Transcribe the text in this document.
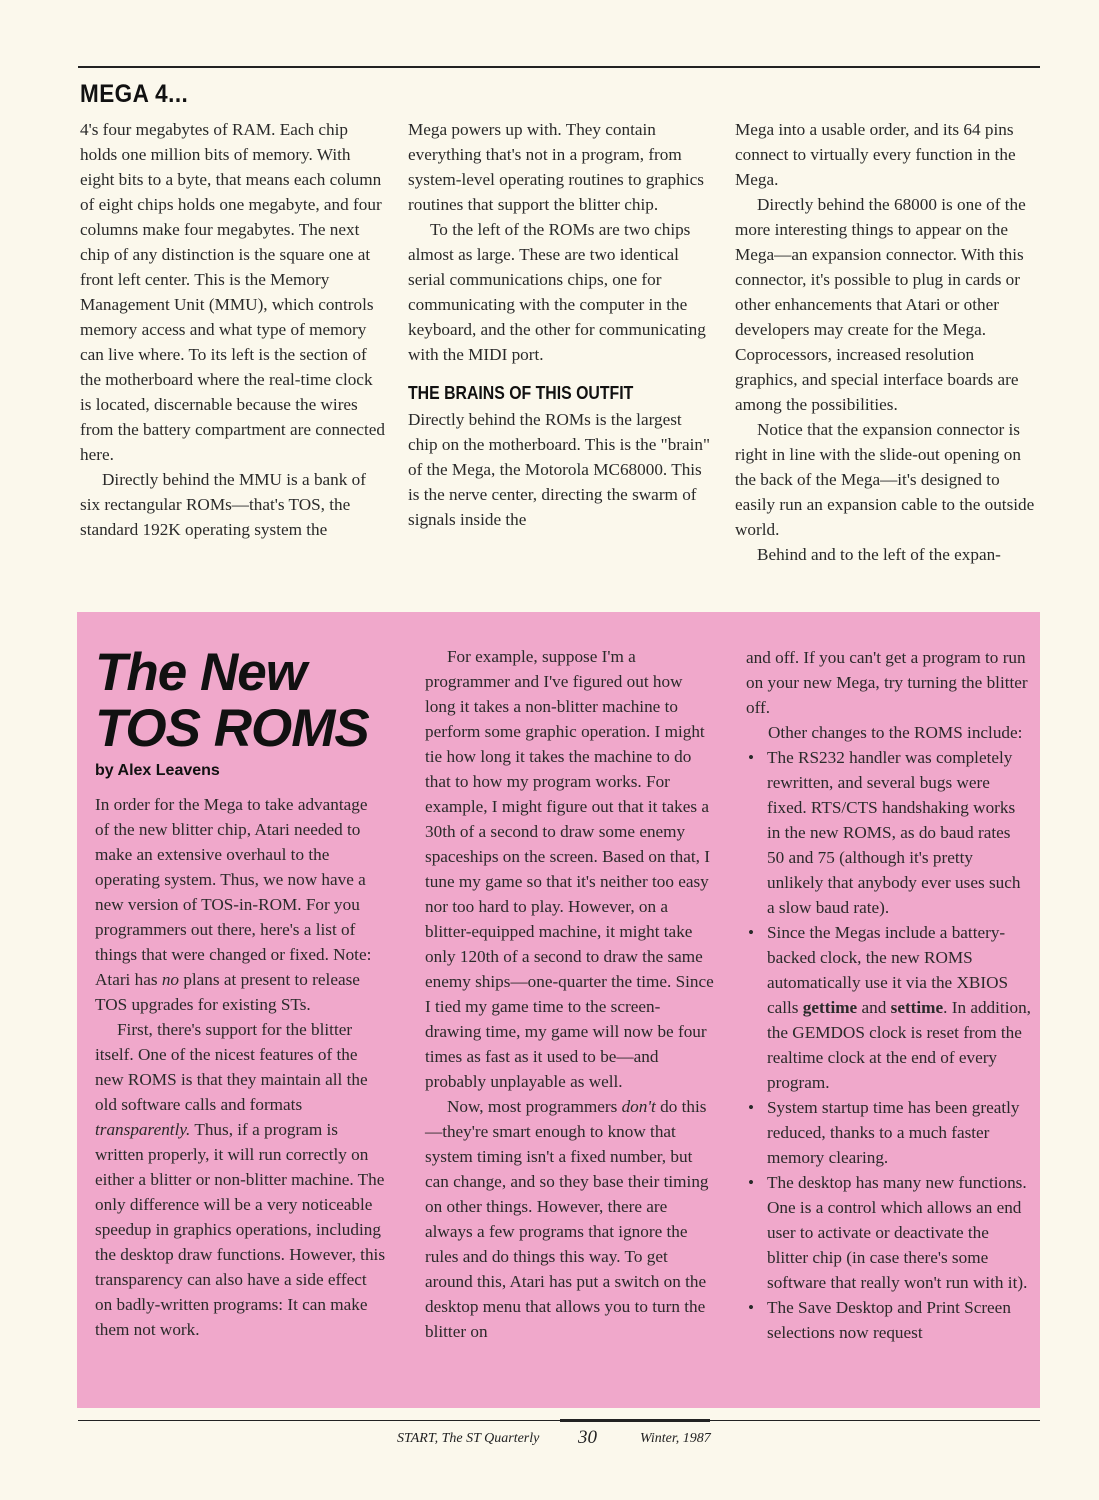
MEGA 4...

4's four megabytes of RAM. Each chip holds one million bits of memory. With eight bits to a byte, that means each column of eight chips holds one megabyte, and four columns make four megabytes. The next chip of any distinction is the square one at front left center. This is the Memory Management Unit (MMU), which controls memory access and what type of memory can live where. To its left is the section of the motherboard where the real-time clock is located, discernable because the wires from the battery compartment are connected here.

Directly behind the MMU is a bank of six rectangular ROMs—that's TOS, the standard 192K operating system the

Mega powers up with. They contain everything that's not in a program, from system-level operating routines to graphics routines that support the blitter chip.

To the left of the ROMs are two chips almost as large. These are two identical serial communications chips, one for communicating with the computer in the keyboard, and the other for communicating with the MIDI port.

THE BRAINS OF THIS OUTFIT

Directly behind the ROMs is the largest chip on the motherboard. This is the "brain" of the Mega, the Motorola MC68000. This is the nerve center, directing the swarm of signals inside the

Mega into a usable order, and its 64 pins connect to virtually every function in the Mega.

Directly behind the 68000 is one of the more interesting things to appear on the Mega—an expansion connector. With this connector, it's possible to plug in cards or other enhancements that Atari or other developers may create for the Mega. Coprocessors, increased resolution graphics, and special interface boards are among the possibilities.

Notice that the expansion connector is right in line with the slide-out opening on the back of the Mega—it's designed to easily run an expansion cable to the outside world.

Behind and to the left of the expan-

The New
TOS ROMS

by Alex Leavens

In order for the Mega to take advantage of the new blitter chip, Atari needed to make an extensive overhaul to the operating system. Thus, we now have a new version of TOS-in-ROM. For you programmers out there, here's a list of things that were changed or fixed. Note: Atari has no plans at present to release TOS upgrades for existing STs.

First, there's support for the blitter itself. One of the nicest features of the new ROMS is that they maintain all the old software calls and formats transparently. Thus, if a program is written properly, it will run correctly on either a blitter or non-blitter machine. The only difference will be a very noticeable speedup in graphics operations, including the desktop draw functions. However, this transparency can also have a side effect on badly-written programs: It can make them not work.

For example, suppose I'm a programmer and I've figured out how long it takes a non-blitter machine to perform some graphic operation. I might tie how long it takes the machine to do that to how my program works. For example, I might figure out that it takes a 30th of a second to draw some enemy spaceships on the screen. Based on that, I tune my game so that it's neither too easy nor too hard to play. However, on a blitter-equipped machine, it might take only 120th of a second to draw the same enemy ships—one-quarter the time. Since I tied my game time to the screen-drawing time, my game will now be four times as fast as it used to be—and probably unplayable as well.

Now, most programmers don't do this—they're smart enough to know that system timing isn't a fixed number, but can change, and so they base their timing on other things. However, there are always a few programs that ignore the rules and do things this way. To get around this, Atari has put a switch on the desktop menu that allows you to turn the blitter on

and off. If you can't get a program to run on your new Mega, try turning the blitter off.

Other changes to the ROMS include:

• The RS232 handler was completely rewritten, and several bugs were fixed. RTS/CTS handshaking works in the new ROMS, as do baud rates 50 and 75 (although it's pretty unlikely that anybody ever uses such a slow baud rate).
• Since the Megas include a battery-backed clock, the new ROMS automatically use it via the XBIOS calls gettime and settime. In addition, the GEMDOS clock is reset from the realtime clock at the end of every program.
• System startup time has been greatly reduced, thanks to a much faster memory clearing.
• The desktop has many new functions. One is a control which allows an end user to activate or deactivate the blitter chip (in case there's some software that really won't run with it).
• The Save Desktop and Print Screen selections now request
START, The ST Quarterly 30	Winter, 1987
